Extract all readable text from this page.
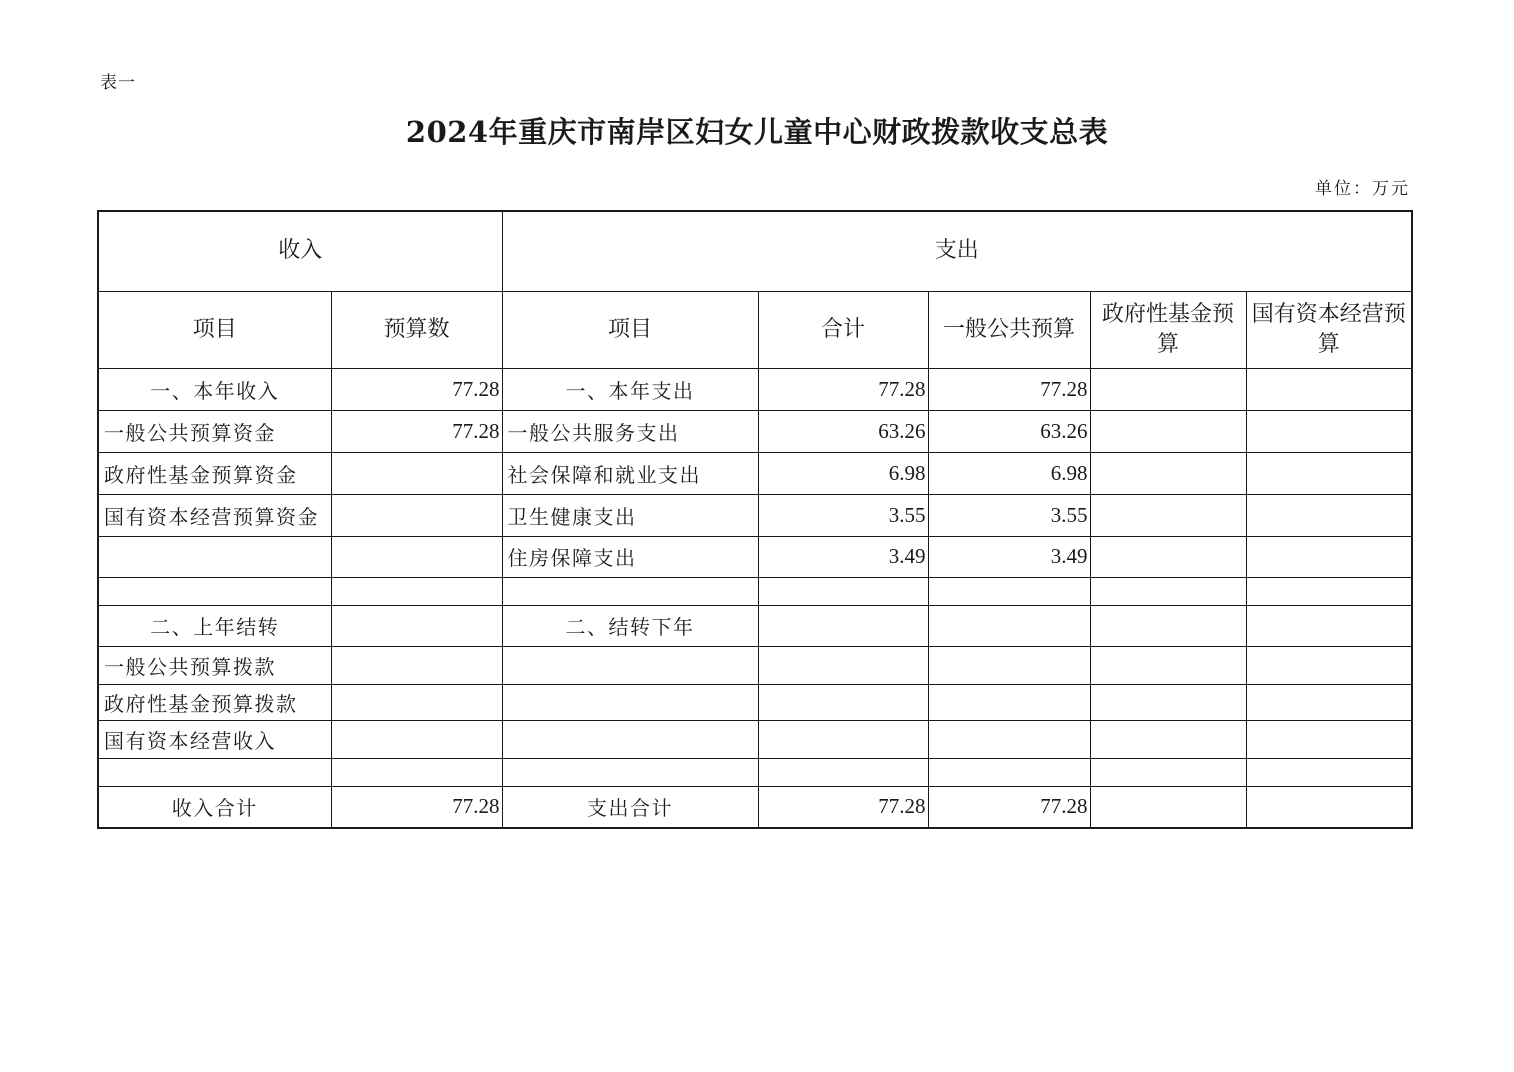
表一
2024年重庆市南岸区妇女儿童中心财政拨款收支总表
单位：万元
收入		支出				
项目	预算数	项目	合计	一般公共预算	政府性基金预算	国有资本经营预算
一、本年收入	77.28	一、本年支出	77.28	77.28		
一般公共预算资金	77.28	一般公共服务支出	63.26	63.26		
政府性基金预算资金		社会保障和就业支出	6.98	6.98		
国有资本经营预算资金		卫生健康支出	3.55	3.55		
		住房保障支出	3.49	3.49		

二、上年结转		二、结转下年				
一般公共预算拨款						
政府性基金预算拨款						
国有资本经营收入						

收入合计	77.28	支出合计	77.28	77.28		
